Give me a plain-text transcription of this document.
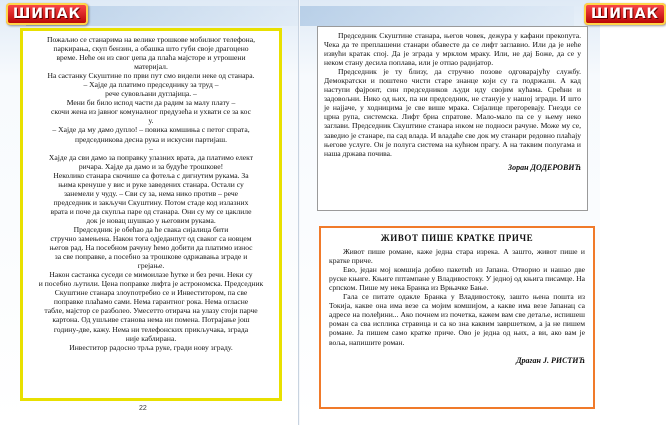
ШИПАК

Пожаљио се станарима на велике трошкове мобилног телефона,

паркирања, скуп бензин, а обашка што губи своје драгоцено

време. Нећe он из свог џепа да плаћа мајсторе и утрошени

материјал.

На састанку Скуштине по први пут смо видели неке од станара.

– Хајде да платимо председнику за труд –

рече сувовљани дуглајица. –

Мени би било испод части да радим за малу плату –

скочи жена из јавног комуналног предузећа и ухвати се за кос

у.

– Хајде да му дамо дупло! – повика комшиња с петог спрата,

председникова десна рука и искусни партијаш.

–

Хајде да сви дамо за поправку улазних врата, да платимо елект

ричара. Хајде да дамо и за будуће трошкове!

Неколико станара скочише са фотеља с дигнутим рукама. За

њима кренуше у вис и руке заведених станара. Остали су

занемели у чуду. – Сви су за, нема ниκо против – рече

председник и закључи Скуштину. Потом стаде код излазних

врата и поче да скупља паре од станара. Они су му се цаклиле

док је новац шушкао у његовим рукама.

Председник је обећао да ће свака сијалица бити

стручно замењена. Након тога одједанпут од сваког са новцем

његов рад. На посебном рачуну ћемо добити да платимо износ

за све поправке, а посебно за трошкове одржавања зграде и

грејање.

Након састанка суседи се мимоилазе ћутке и без речи. Неки су

и посебно љутили. Цена поправке лифта је астрономска. Председник

Скуштине станара злоупотребио се и Инвеститором, па све

поправке плаћамо сами. Нема гарантног рока. Нема огласне

табле, мајстор се разболео. Умесетто отирача на улазу стоји парче

картона. Од ушљиве станова нема ни помена. Потрајање још

годину-две, кажу. Нема ни телефонских прикључака, зграда

није каблирана.

Инвеститор радосно трља руке, гради нову зграду.

22
ШИПАК

Председник Скуштине станара, његов човек, дежура у кафани прекопута. Чека да те преплашени станари обавесте да се лифт заглавио. Или да је неће извући кратак спој. Да је зграда у мрклом мраку. Или, не дај Боже, да се у неком стану десила поплава, или је отпао радијатор.

Председник је ту близу, да стручно позове одговарајућу службу. Демократски и поштено чисти старе знанце који су га подржали. А кад наступи фајронт, син председников људи иду својим кућама. Срећни и задовољни. Нико од њих, па ни председник, не станује у нашој згради. И што је најјаче, у ходницима је све више мрака. Сијалице прегоревају. Гнезди се црна рупа, системска. Лифт бриа спратове. Мало-мало па се у њему неко заглави. Председник Скуштине станара нικом не подноси рачуне. Може му се, заведио је станаре, па сад влада. И владаће све док му станари редовно плаћају његове услуге. Он је полуга система на кућном прагу. А на таквим полугама и наша држава почива.

Зоран ДОДЕРОВИЋ

ЖИВОТ ПИШЕ КРАТКЕ ПРИЧЕ

Живот пише романе, каже једна стара изрека. А заштo, живот пише и кратке приче.

Ево, један мој комшија добио пакетић из Јапана. Отворио и нашао две руске књиге. Књиге пптампане у Владивостоку. У једној од књига писамце. На српском. Пише му нека Бранка из Врњачке Бање.

Гала се питате одакле Бранка у Владивостоку, зашто њена пошта из Токија, какве она има везе са мојим комшијом, а какве има везе Јапанац са адресе на полеђини... Ако почнем из почетка, кажем вам све детаље, испишеш роман са сва исплика стравица и са ко зна каквим завршетком, а ја не пишем романе. Ја пишем само кратке приче. Ово је једна од њих, а ви, ако вам је воља, напишите роман.

Драган Ј. РИСТИЋ
